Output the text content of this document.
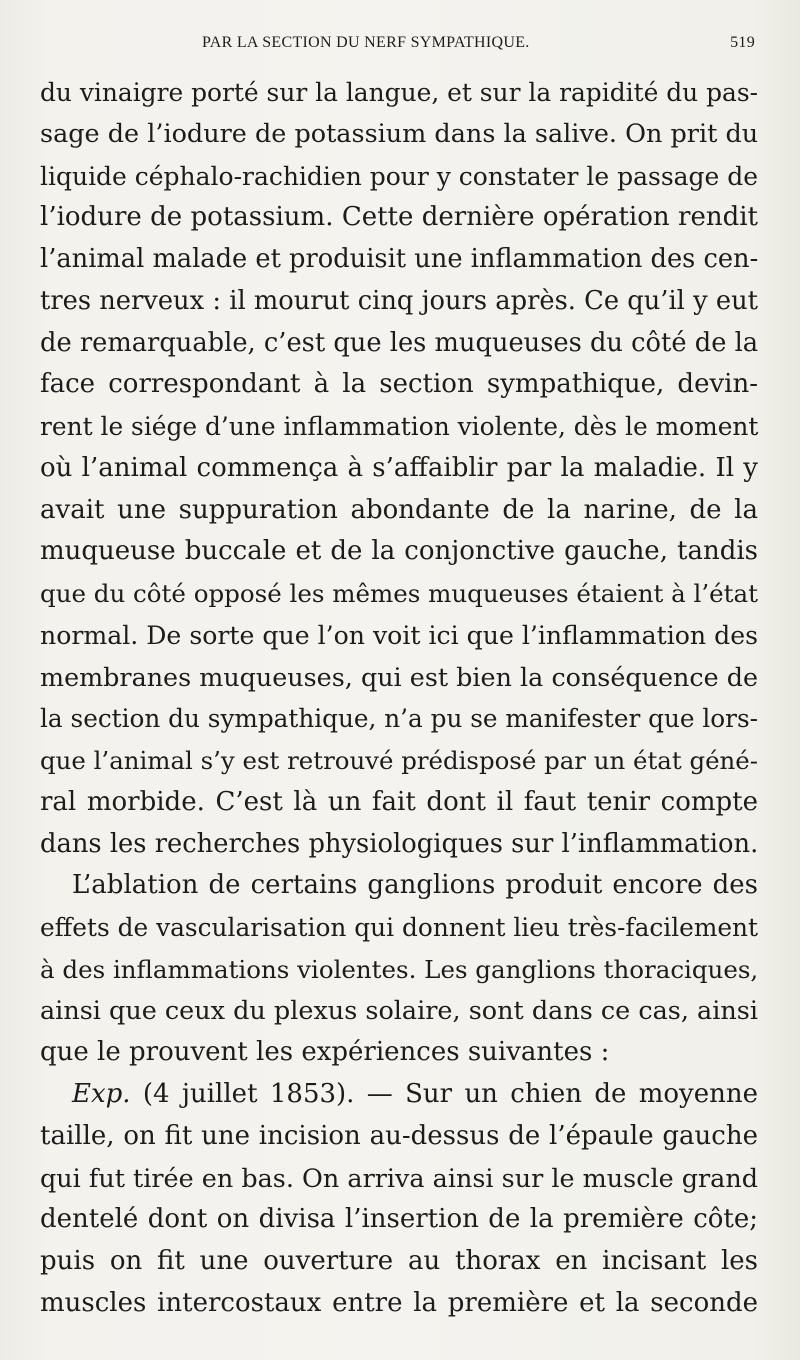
PAR LA SECTION DU NERF SYMPATHIQUE.	519
du vinaigre porté sur la langue, et sur la rapidité du pas-
sage de l’iodure de potassium dans la salive. On prit du
liquide céphalo-rachidien pour y constater le passage de
l’iodure de potassium. Cette dernière opération rendit
l’animal malade et produisit une inflammation des cen-
tres nerveux : il mourut cinq jours après. Ce qu’il y eut
de remarquable, c’est que les muqueuses du côté de la
face correspondant à la section sympathique, devin-
rent le siége d’une inflammation violente, dès le moment
où l’animal commença à s’affaiblir par la maladie. Il y
avait une suppuration abondante de la narine, de la
muqueuse buccale et de la conjonctive gauche, tandis
que du côté opposé les mêmes muqueuses étaient à l’état
normal. De sorte que l’on voit ici que l’inflammation des
membranes muqueuses, qui est bien la conséquence de
la section du sympathique, n’a pu se manifester que lors-
que l’animal s’y est retrouvé prédisposé par un état géné-
ral morbide. C’est là un fait dont il faut tenir compte
dans les recherches physiologiques sur l’inflammation.
L’ablation de certains ganglions produit encore des
effets de vascularisation qui donnent lieu très-facilement
à des inflammations violentes. Les ganglions thoraciques,
ainsi que ceux du plexus solaire, sont dans ce cas, ainsi
que le prouvent les expériences suivantes :
Exp. (4 juillet 1853). — Sur un chien de moyenne
taille, on fit une incision au-dessus de l’épaule gauche
qui fut tirée en bas. On arriva ainsi sur le muscle grand
dentelé dont on divisa l’insertion de la première côte;
puis on fit une ouverture au thorax en incisant les
muscles intercostaux entre la première et la seconde
